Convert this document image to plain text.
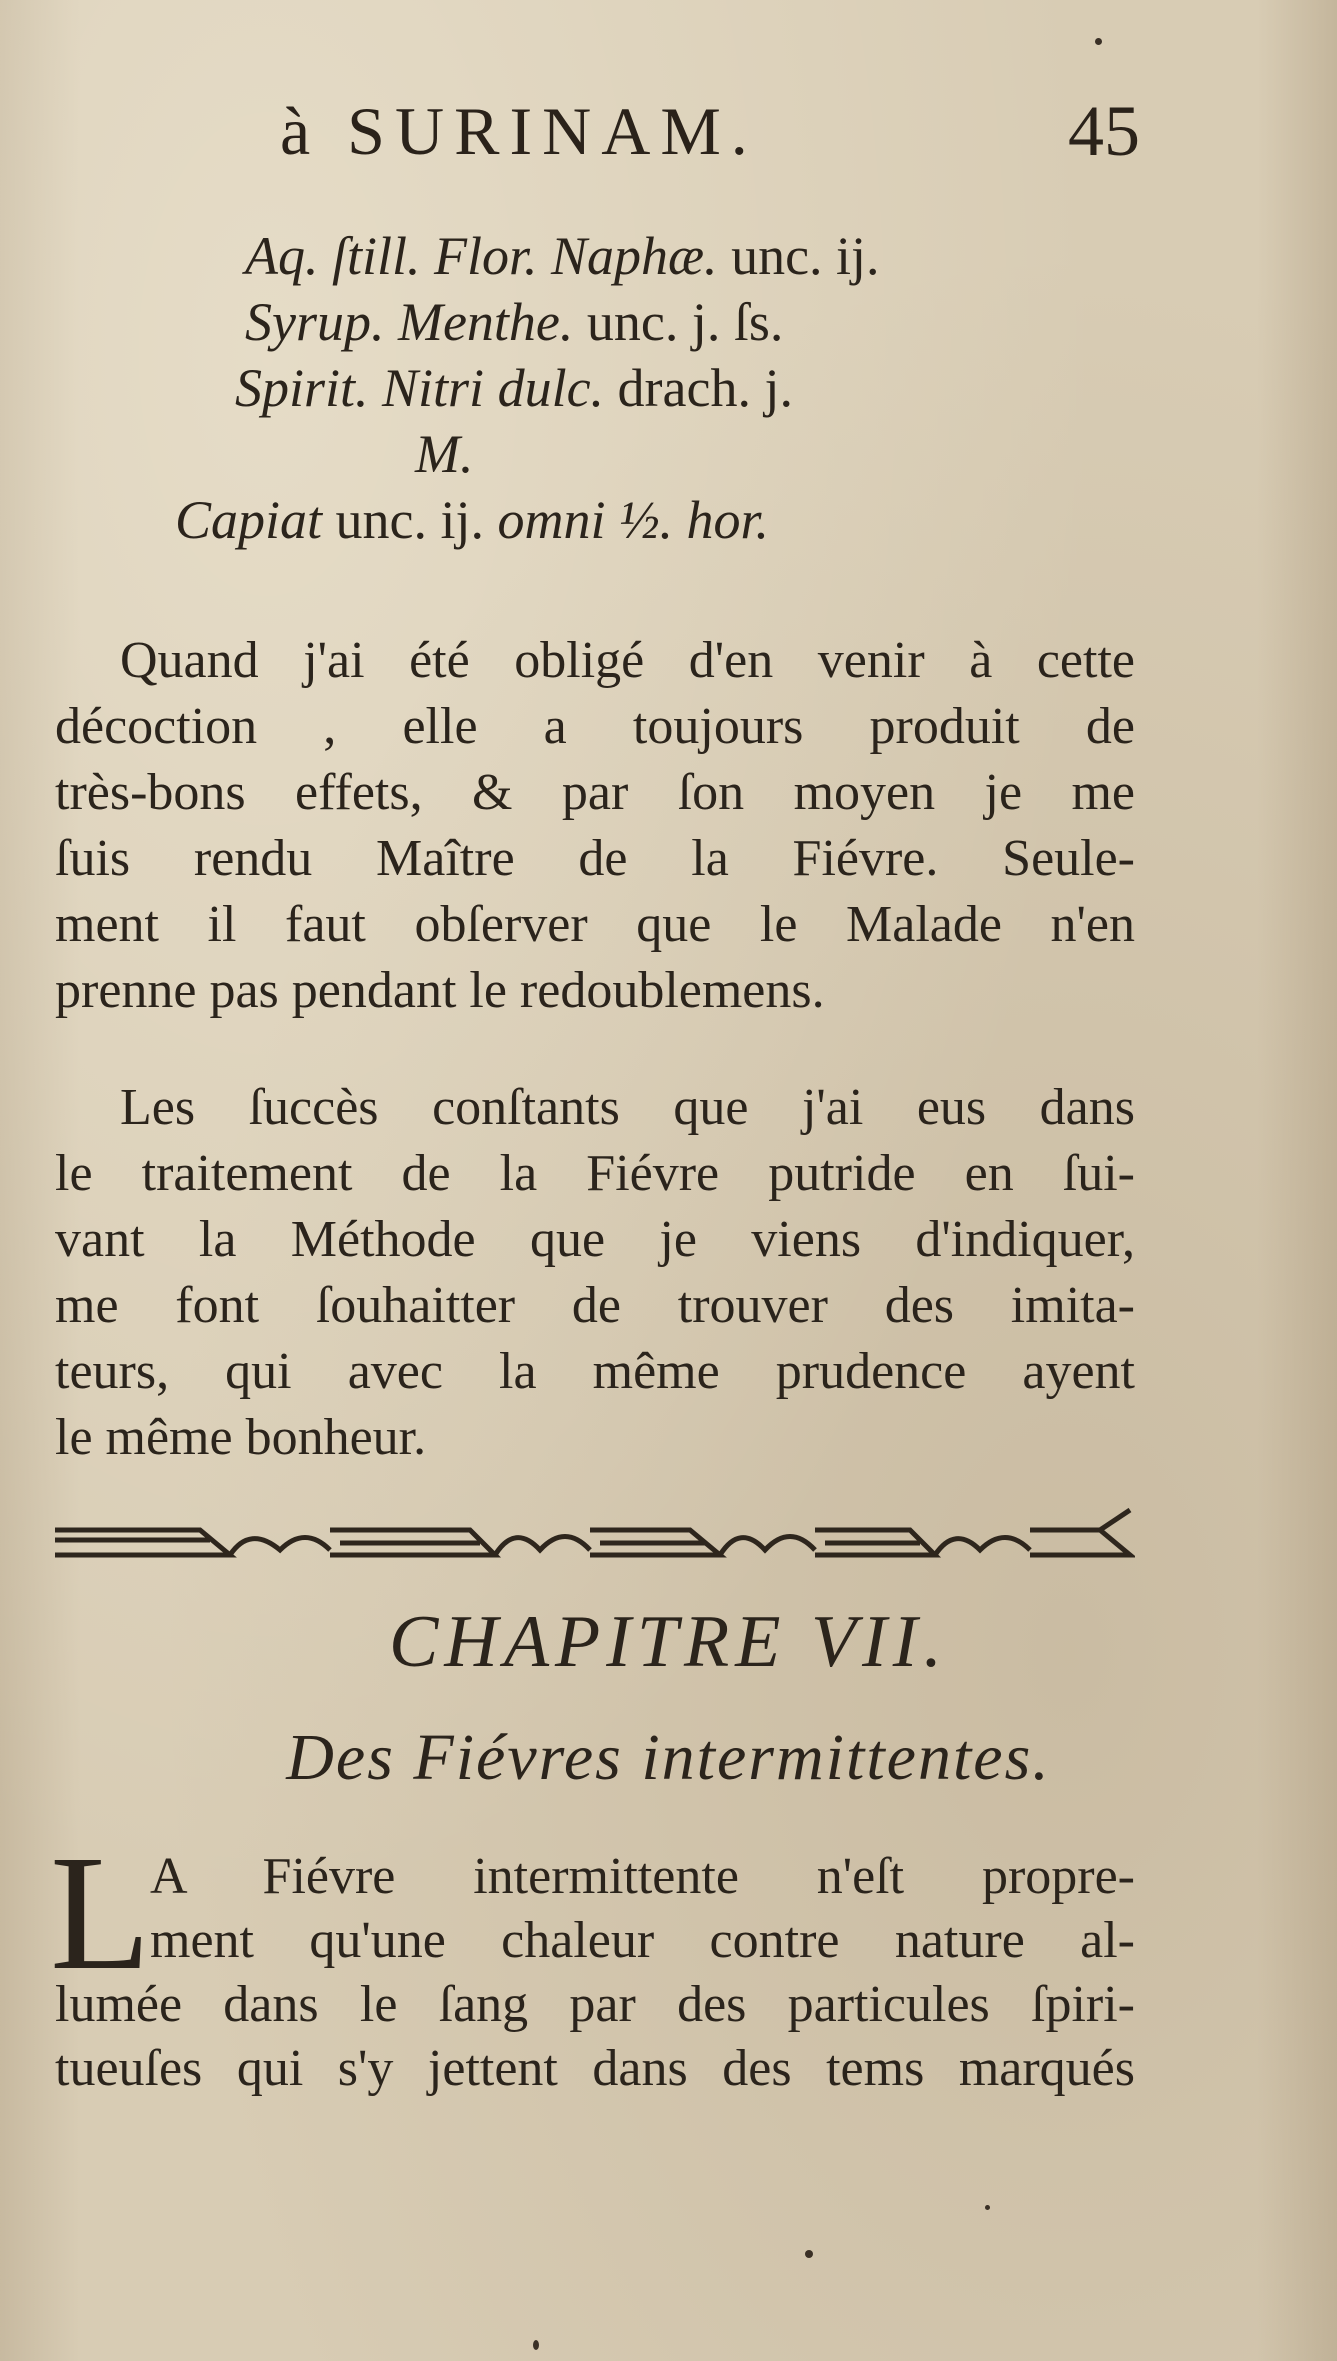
à SURINAM.	45
Aq. ſtill. Flor. Naphæ. unc. ij.
Syrup. Menthe. unc. j. ſs.
Spirit. Nitri dulc. drach. j.
M.
Capiat unc. ij. omni ½. hor.
Quand j'ai été obligé d'en venir à cette
décoction , elle a toujours produit de
très-bons effets, & par ſon moyen je me
ſuis rendu Maître de la Fiévre. Seule-
ment il faut obſerver que le Malade n'en
prenne pas pendant le redoublemens.
Les ſuccès conſtants que j'ai eus dans
le traitement de la Fiévre putride en ſui-
vant la Méthode que je viens d'indiquer,
me font ſouhaitter de trouver des imita-
teurs, qui avec la même prudence ayent
le même bonheur.
CHAPITRE VII.
Des Fiévres intermittentes.
L A Fiévre intermittente n'eſt propre-
ment qu'une chaleur contre nature al-
lumée dans le ſang par des particules ſpiri-
tueuſes qui s'y jettent dans des tems marqués
